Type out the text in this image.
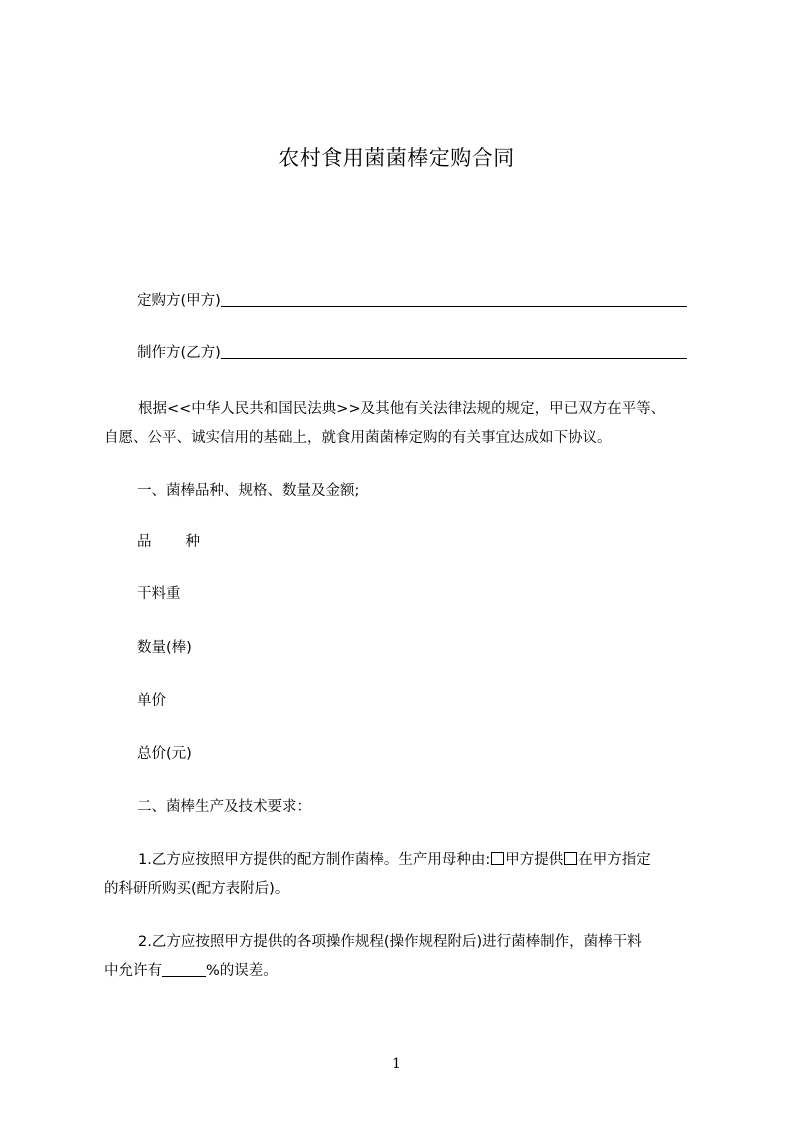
农村食用菌菌棒定购合同
定购方(甲方)
制作方(乙方)
根据<<中华人民共和国民法典>>及其他有关法律法规的规定，甲已双方在平等、
自愿、公平、诚实信用的基础上，就食用菌菌棒定购的有关事宜达成如下协议。
一、菌棒品种、规格、数量及金额;
品 种
干料重
数量(棒)
单价
总价(元)
二、菌棒生产及技术要求：
1.乙方应按照甲方提供的配方制作菌棒。生产用母种由: 甲方提供 在甲方指定
的科研所购买(配方表附后)。
2.乙方应按照甲方提供的各项操作规程(操作规程附后)进行菌棒制作，菌棒干料
中允许有	%的误差。
1
